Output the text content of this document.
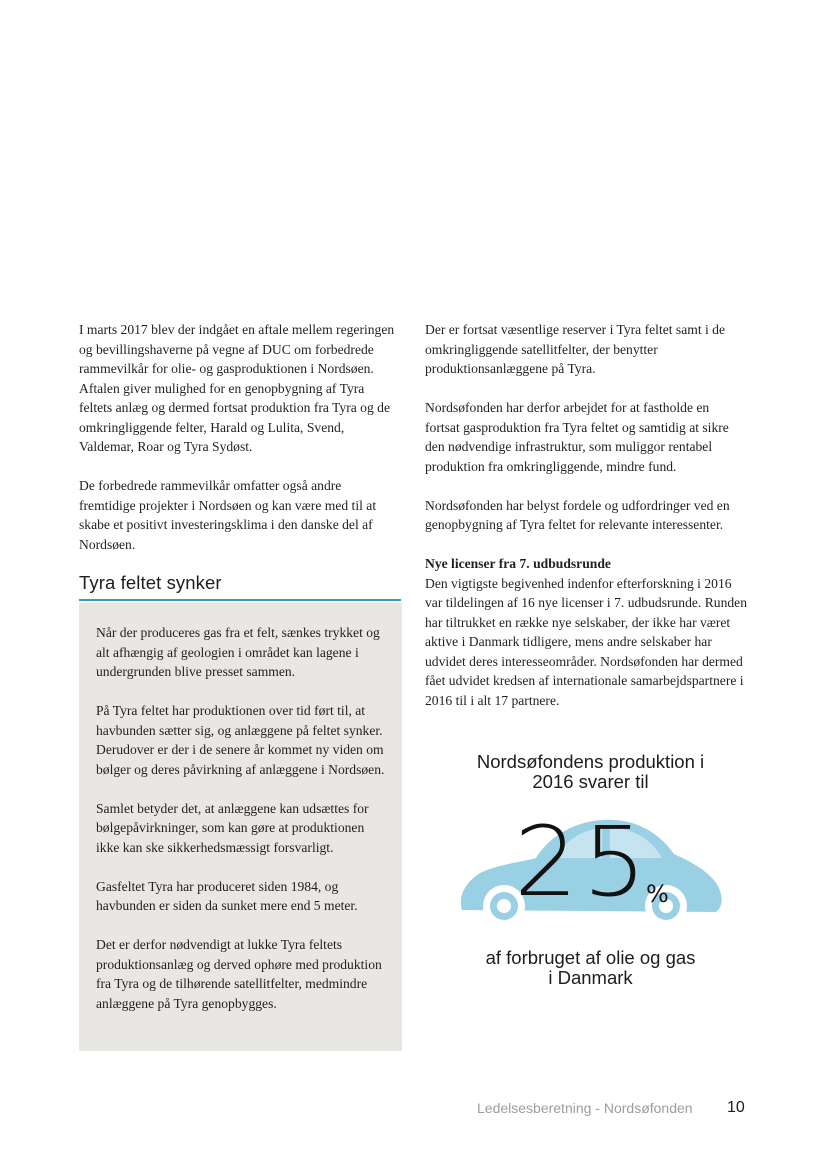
I marts 2017 blev der indgået en aftale mellem regeringen og bevillingshaverne på vegne af DUC om forbedrede rammevilkår for olie- og gasproduktionen i Nordsøen. Aftalen giver mulighed for en genopbygning af Tyra feltets anlæg og dermed fortsat produktion fra Tyra og de omkringliggende felter, Harald og Lulita, Svend, Valdemar, Roar og Tyra Sydøst.

De forbedrede rammevilkår omfatter også andre fremtidige projekter i Nordsøen og kan være med til at skabe et positivt investeringsklima i den danske del af Nordsøen.

Tyra feltet synker

Når der produceres gas fra et felt, sænkes trykket og alt afhængig af geologien i området kan lagene i undergrunden blive presset sammen.

På Tyra feltet har produktionen over tid ført til, at havbunden sætter sig, og anlæggene på feltet synker. Derudover er der i de senere år kommet ny viden om bølger og deres påvirkning af anlæggene i Nordsøen.

Samlet betyder det, at anlæggene kan udsættes for bølgepåvirkninger, som kan gøre at produktionen ikke kan ske sikkerhedsmæssigt forsvarligt.

Gasfeltet Tyra har produceret siden 1984, og havbunden er siden da sunket mere end 5 meter.

Det er derfor nødvendigt at lukke Tyra feltets produktionsanlæg og derved ophøre med produktion fra Tyra og de tilhørende satellitfelter, medmindre anlæggene på Tyra genopbygges.

Der er fortsat væsentlige reserver i Tyra feltet samt i de omkringliggende satellitfelter, der benytter produktionsanlæggene på Tyra.

Nordsøfonden har derfor arbejdet for at fastholde en fortsat gasproduktion fra Tyra feltet og samtidig at sikre den nødvendige infrastruktur, som muliggor rentabel produktion fra omkringliggende, mindre fund.

Nordsøfonden har belyst fordele og udfordringer ved en genopbygning af Tyra feltet for relevante interessenter.

Nye licenser fra 7. udbudsrunde
Den vigtigste begivenhed indenfor efterforskning i 2016 var tildelingen af 16 nye licenser i 7. udbudsrunde. Runden har tiltrukket en række nye selskaber, der ikke har været aktive i Danmark tidligere, mens andre selskaber har udvidet deres interesseområder. Nordsøfonden har dermed fået udvidet kredsen af internationale samarbejdspartnere i 2016 til i alt 17 partnere.
Nordsøfondens produktion i
2016 svarer til
25
%
af forbruget af olie og gas
i Danmark
Ledelsesberetning - Nordsøfonden 10
